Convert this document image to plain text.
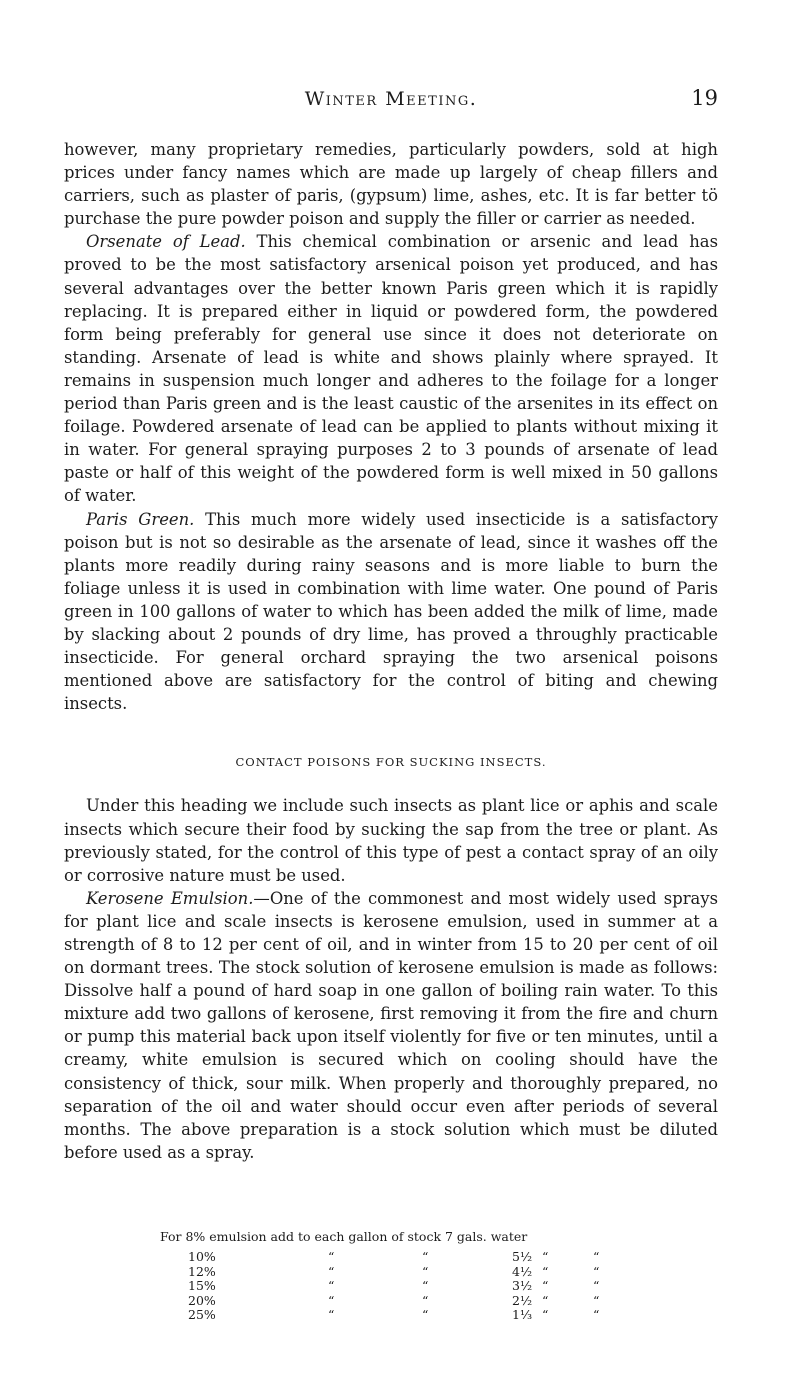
Winter Meeting.	19

however, many proprietary remedies, particularly powders, sold at high prices under fancy names which are made up largely of cheap fillers and carriers, such as plaster of paris, (gypsum) lime, ashes, etc. It is far better tö purchase the pure powder poison and supply the filler or carrier as needed.

Orsenate of Lead. This chemical combination or arsenic and lead has proved to be the most satisfactory arsenical poison yet produced, and has several advantages over the better known Paris green which it is rapidly replacing. It is prepared either in liquid or powdered form, the powdered form being preferably for general use since it does not deteriorate on standing. Arsenate of lead is white and shows plainly where sprayed. It remains in suspension much longer and adheres to the foilage for a longer period than Paris green and is the least caustic of the arsenites in its effect on foilage. Powdered arsenate of lead can be applied to plants without mixing it in water. For general spraying purposes 2 to 3 pounds of arsenate of lead paste or half of this weight of the powdered form is well mixed in 50 gallons of water.

Paris Green. This much more widely used insecticide is a satisfactory poison but is not so desirable as the arsenate of lead, since it washes off the plants more readily during rainy seasons and is more liable to burn the foliage unless it is used in combination with lime water. One pound of Paris green in 100 gallons of water to which has been added the milk of lime, made by slacking about 2 pounds of dry lime, has proved a throughly practicable insecticide. For general orchard spraying the two arsenical poisons mentioned above are satisfactory for the control of biting and chewing insects.

CONTACT POISONS FOR SUCKING INSECTS.

Under this heading we include such insects as plant lice or aphis and scale insects which secure their food by sucking the sap from the tree or plant. As previously stated, for the control of this type of pest a contact spray of an oily or corrosive nature must be used.

Kerosene Emulsion.—One of the commonest and most widely used sprays for plant lice and scale insects is kerosene emulsion, used in summer at a strength of 8 to 12 per cent of oil, and in winter from 15 to 20 per cent of oil on dormant trees. The stock solution of kerosene emulsion is made as follows: Dissolve half a pound of hard soap in one gallon of boiling rain water. To this mixture add two gallons of kerosene, first removing it from the fire and churn or pump this material back upon itself violently for five or ten minutes, until a creamy, white emulsion is secured which on cooling should have the consistency of thick, sour milk. When properly and thoroughly prepared, no separation of the oil and water should occur even after periods of several months. The above preparation is a stock solution which must be diluted before used as a spray.

For 8% emulsion add to each gallon of stock 7 gals. water
10%	“	“	5½ “	“
12%	“	“	4½ “	“
15%	“	“	3½ “	“
20%	“	“	2½ “	“
25%	“	“	1⅓ “	“
